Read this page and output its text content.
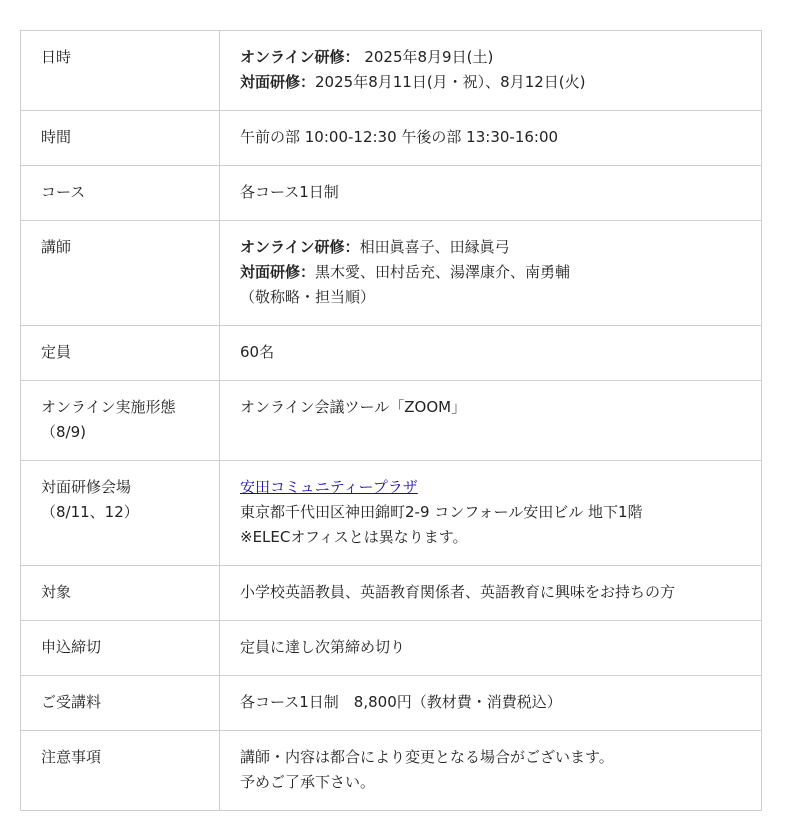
日時	オンライン研修： 2025年8月9日(土)
対面研修：2025年8月11日(月・祝）、8月12日(火)

時間	午前の部 10:00-12:30 午後の部 13:30-16:00

コース	各コース1日制

講師	オンライン研修：相田眞喜子、田縁眞弓
対面研修：黒木愛、田村岳充、湯澤康介、南勇輔
（敬称略・担当順）

定員	60名

オンライン実施形態
（8/9)	オンライン会議ツール「ZOOM」

対面研修会場
（8/11、12）	安田コミュニティープラザ
東京都千代田区神田錦町2-9 コンフォール安田ビル 地下1階
※ELECオフィスとは異なります。

対象	小学校英語教員、英語教育関係者、英語教育に興味をお持ちの方

申込締切	定員に達し次第締め切り

ご受講料	各コース1日制　8,800円（教材費・消費税込）

注意事項	講師・内容は都合により変更となる場合がございます。
予めご了承下さい。
